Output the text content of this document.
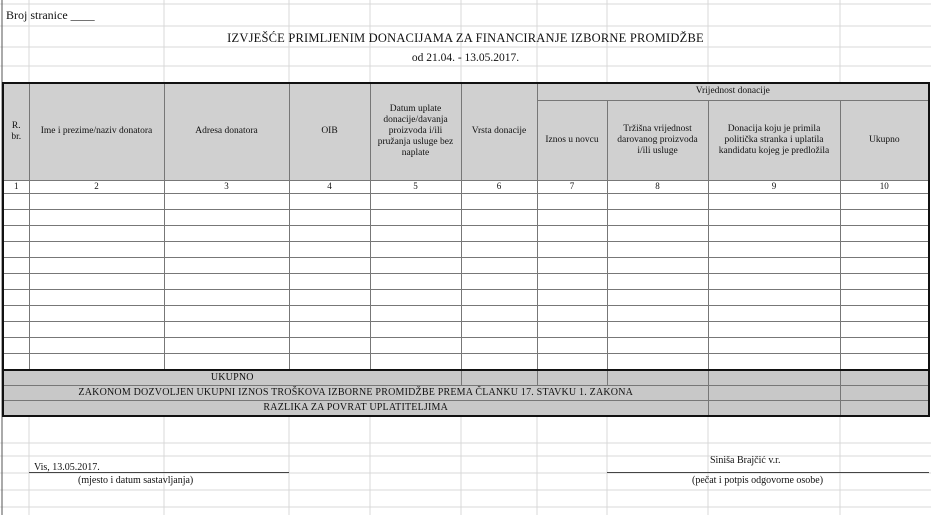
Broj stranice ____
IZVJEŠĆE PRIMLJENIM DONACIJAMA ZA FINANCIRANJE IZBORNE PROMIDŽBE
od 21.04. - 13.05.2017.
R. br.	Ime i prezime/naziv donatora	Adresa donatora	OIB	Datum uplate donacije/davanja proizvoda i/ili pružanja usluge bez naplate	Vrsta donacije	Vrijednost donacije			
						Iznos u novcu	Tržišna vrijednost darovanog proizvoda i/ili usluge	Donacija koju je primila politička stranka i uplatila kandidatu kojeg je predložila	Ukupno
1	2	3	4	5	6	7	8	9	10

UKUPNO									
ZAKONOM DOZVOLJEN UKUPNI IZNOS TROŠKOVA IZBORNE PROMIDŽBE PREMA ČLANKU 17. STAVKU 1. ZAKONA									
RAZLIKA ZA POVRAT UPLATITELJIMA									
Vis, 13.05.2017.
(mjesto i datum sastavljanja)
Siniša Brajčić v.r.
(pečat i potpis odgovorne osobe)
